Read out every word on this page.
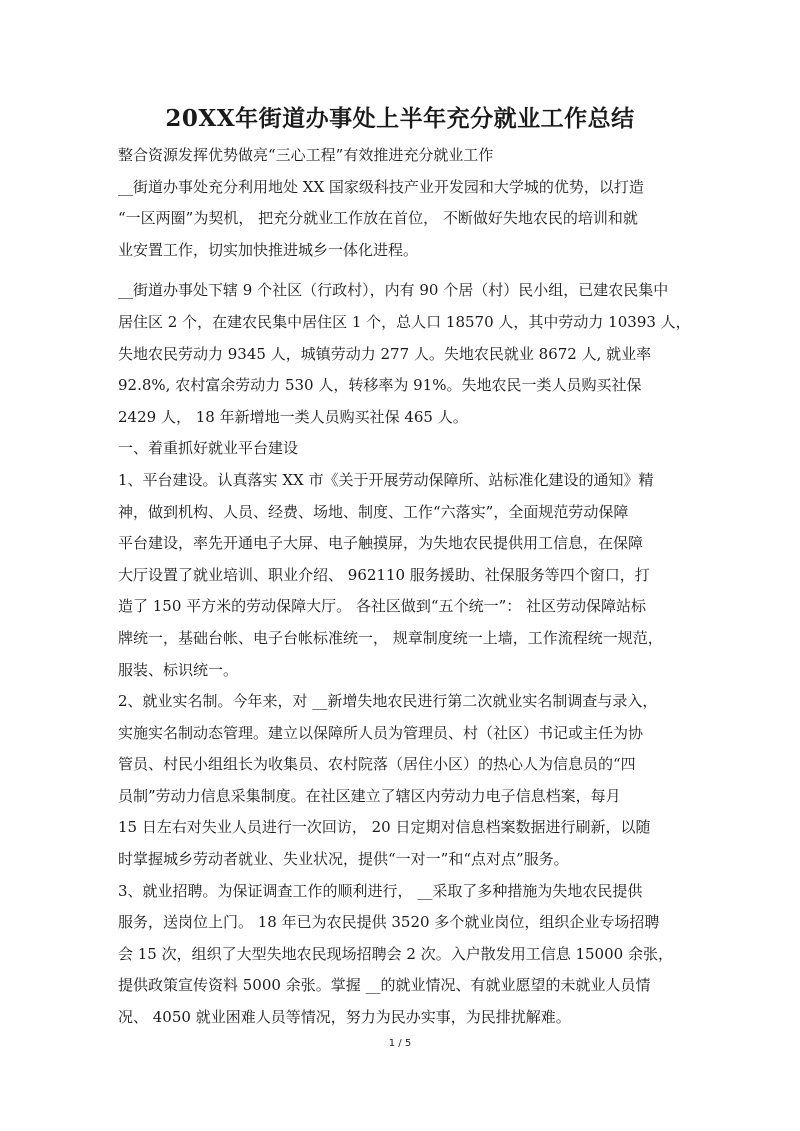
20XX年街道办事处上半年充分就业工作总结
整合资源发挥优势做亮“三心工程”有效推进充分就业工作
__街道办事处充分利用地处 XX 国家级科技产业开发园和大学城的优势，以打造
“一区两圈”为契机， 把充分就业工作放在首位， 不断做好失地农民的培训和就
业安置工作，切实加快推进城乡一体化进程。
__街道办事处下辖 9 个社区（行政村），内有 90 个居（村）民小组，已建农民集中
居住区 2 个，在建农民集中居住区 1 个，总人口 18570 人，其中劳动力 10393 人，
失地农民劳动力 9345 人，城镇劳动力 277 人。失地农民就业 8672 人, 就业率
92.8%, 农村富余劳动力 530 人，转移率为 91%。失地农民一类人员购买社保
2429 人， 18 年新增地一类人员购买社保 465 人。
一、着重抓好就业平台建设
1、平台建设。认真落实 XX 市《关于开展劳动保障所、站标准化建设的通知》精
神，做到机构、人员、经费、场地、制度、工作“六落实”，全面规范劳动保障
平台建设，率先开通电子大屏、电子触摸屏，为失地农民提供用工信息，在保障
大厅设置了就业培训、职业介绍、 962110 服务援助、社保服务等四个窗口，打
造了 150 平方米的劳动保障大厅。 各社区做到“五个统一”： 社区劳动保障站标
牌统一，基础台帐、电子台帐标准统一， 规章制度统一上墙，工作流程统一规范，
服装、标识统一。
2、就业实名制。今年来，对 __新增失地农民进行第二次就业实名制调查与录入，
实施实名制动态管理。建立以保障所人员为管理员、村（社区）书记或主任为协
管员、村民小组组长为收集员、农村院落（居住小区）的热心人为信息员的“四
员制”劳动力信息采集制度。在社区建立了辖区内劳动力电子信息档案，每月
15 日左右对失业人员进行一次回访， 20 日定期对信息档案数据进行刷新，以随
时掌握城乡劳动者就业、失业状况，提供“一对一”和“点对点”服务。
3、就业招聘。为保证调查工作的顺利进行， __采取了多种措施为失地农民提供
服务，送岗位上门。 18 年已为农民提供 3520 多个就业岗位，组织企业专场招聘
会 15 次，组织了大型失地农民现场招聘会 2 次。入户散发用工信息 15000 余张，
提供政策宣传资料 5000 余张。掌握 __的就业情况、有就业愿望的未就业人员情
况、 4050 就业困难人员等情况，努力为民办实事，为民排扰解难。
1 / 5
